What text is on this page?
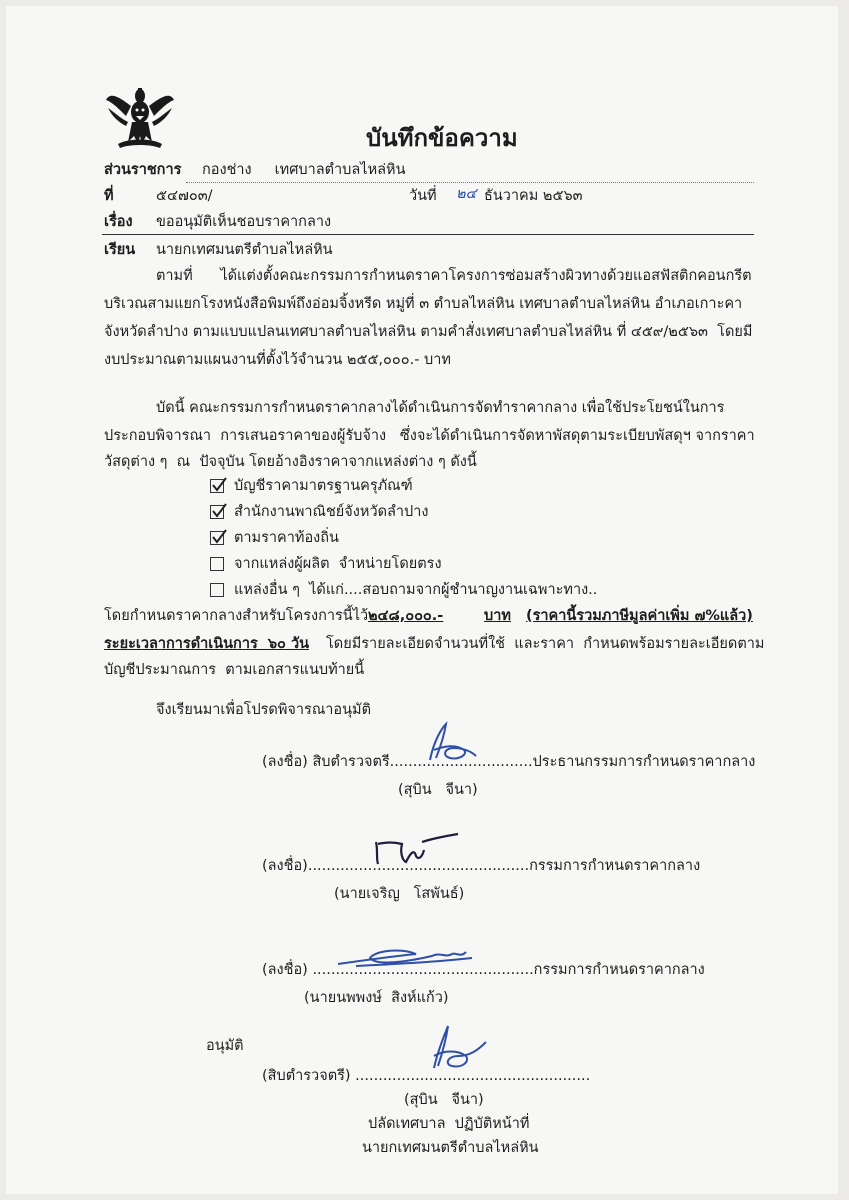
บันทึกข้อความ
ส่วนราชการ กองช่าง     เทศบาลตำบลไหล่หิน
ที่	๕๔๗๐๓/	วันที่ ๒๔ ธันวาคม ๒๕๖๓
เรื่อง ขออนุมัติเห็นชอบราคากลาง
เรียน นายกเทศมนตรีตำบลไหล่หิน
ตามที่      ได้แต่งตั้งคณะกรรมการกำหนดราคาโครงการซ่อมสร้างผิวทางด้วยแอสฟัสติกคอนกรีต
บริเวณสามแยกโรงหนังสือพิมพ์ถึงอ่อมจิ้งหรีด หมู่ที่ ๓ ตำบลไหล่หิน เทศบาลตำบลไหล่หิน อำเภอเกาะคา
จังหวัดลำปาง ตามแบบแปลนเทศบาลตำบลไหล่หิน ตามคำสั่งเทศบาลตำบลไหล่หิน ที่ ๔๕๙/๒๕๖๓  โดยมี
งบประมาณตามแผนงานที่ตั้งไว้จำนวน ๒๕๕,๐๐๐.- บาท
บัดนี้ คณะกรรมการกำหนดราคากลางได้ดำเนินการจัดทำราคากลาง เพื่อใช้ประโยชน์ในการ
ประกอบพิจารณา  การเสนอราคาของผู้รับจ้าง   ซึ่งจะได้ดำเนินการจัดหาพัสดุตามระเบียบพัสดุฯ จากราคา
วัสดุต่าง ๆ  ณ  ปัจจุบัน โดยอ้างอิงราคาจากแหล่งต่าง ๆ ดังนี้
บัญชีราคามาตรฐานครุภัณฑ์
สำนักงานพาณิชย์จังหวัดลำปาง
ตามราคาท้องถิ่น
จากแหล่งผู้ผลิต  จำหน่ายโดยตรง
แหล่งอื่น ๆ  ได้แก่....สอบถามจากผู้ชำนาญงานเฉพาะทาง..
โดยกำหนดราคากลางสำหรับโครงการนี้ไว้ ๒๔๘,๐๐๐.-	บาท (ราคานี้รวมภาษีมูลค่าเพิ่ม ๗%แล้ว)
ระยะเวลาการดำเนินการ  ๖๐ วัน โดยมีรายละเอียดจำนวนที่ใช้  และราคา  กำหนดพร้อมรายละเอียดตาม
บัญชีประมาณการ  ตามเอกสารแนบท้ายนี้
จึงเรียนมาเพื่อโปรดพิจารณาอนุมัติ
(ลงชื่อ) สิบตำรวจตรี...............................ประธานกรรมการกำหนดราคากลาง
(สุบิน   จีนา)
(ลงชื่อ)................................................กรรมการกำหนดราคากลาง
(นายเจริญ   โสพันธ์)
(ลงชื่อ) ................................................กรรมการกำหนดราคากลาง
(นายนพพงษ์  สิงห์แก้ว)
อนุมัติ
(สิบตำรวจตรี) ...................................................
(สุบิน   จีนา)
ปลัดเทศบาล  ปฏิบัติหน้าที่
นายกเทศมนตรีตำบลไหล่หิน
